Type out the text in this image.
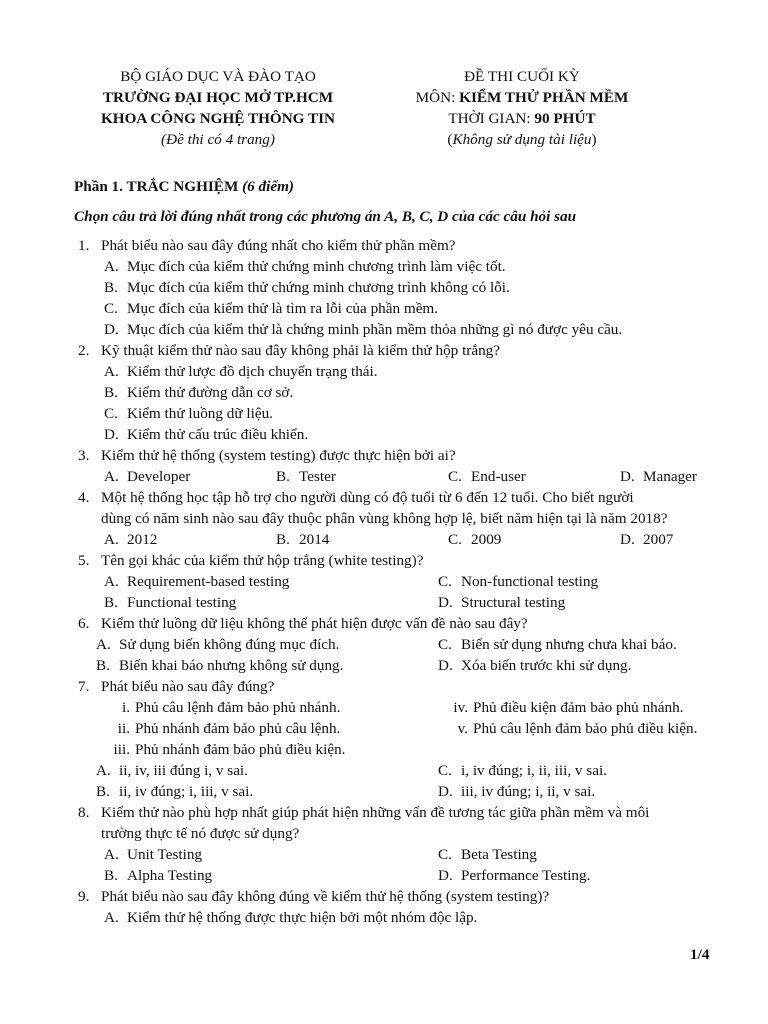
BỘ GIÁO DỤC VÀ ĐÀO TẠO
TRƯỜNG ĐẠI HỌC MỞ TP.HCM
KHOA CÔNG NGHỆ THÔNG TIN
(Đề thi có 4 trang)
ĐỀ THI CUỐI KỲ
MÔN: KIỂM THỬ PHẦN MỀM
THỜI GIAN: 90 PHÚT
(Không sử dụng tài liệu)
Phần 1. TRẮC NGHIỆM (6 điểm)
Chọn câu trả lời đúng nhất trong các phương án A, B, C, D của các câu hỏi sau
1. Phát biểu nào sau đây đúng nhất cho kiểm thử phần mềm?
A. Mục đích của kiểm thử chứng minh chương trình làm việc tốt.
B. Mục đích của kiểm thử chứng minh chương trình không có lỗi.
C. Mục đích của kiểm thử là tìm ra lỗi của phần mềm.
D. Mục đích của kiểm thử là chứng minh phần mềm thỏa những gì nó được yêu cầu.
2. Kỹ thuật kiểm thử nào sau đây không phải là kiểm thử hộp trắng?
A. Kiểm thử lược đồ dịch chuyển trạng thái.
B. Kiểm thử đường dẫn cơ sở.
C. Kiểm thử luồng dữ liệu.
D. Kiểm thử cấu trúc điều khiển.
3. Kiểm thử hệ thống (system testing) được thực hiện bởi ai?
A. Developer	B. Tester	C. End-user	D. Manager
4. Một hệ thống học tập hỗ trợ cho người dùng có độ tuổi từ 6 đến 12 tuổi. Cho biết người
dùng có năm sinh nào sau đây thuộc phân vùng không hợp lệ, biết năm hiện tại là năm 2018?
A. 2012	B. 2014	C. 2009	D. 2007
5. Tên gọi khác của kiểm thử hộp trắng (white testing)?
A. Requirement-based testing	C. Non-functional testing
B. Functional testing	D. Structural testing
6. Kiểm thử luồng dữ liệu không thể phát hiện được vấn đề nào sau đây?
A. Sử dụng biến không đúng mục đích.	C. Biến sử dụng nhưng chưa khai báo.
B. Biến khai báo nhưng không sử dụng.	D. Xóa biến trước khi sử dụng.
7. Phát biểu nào sau đây đúng?
i. Phủ câu lệnh đảm bảo phủ nhánh.	iv. Phủ điều kiện đảm bảo phủ nhánh.
ii. Phủ nhánh đảm bảo phủ câu lệnh.	v. Phủ câu lệnh đảm bảo phủ điều kiện.
iii. Phủ nhánh đảm bảo phủ điều kiện.
A. ii, iv, iii đúng i, v sai.	C. i, iv đúng; i, ii, iii, v sai.
B. ii, iv đúng; i, iii, v sai.	D. iii, iv đúng; i, ii, v sai.
8. Kiểm thử nào phù hợp nhất giúp phát hiện những vấn đề tương tác giữa phần mềm và môi
trường thực tế nó được sử dụng?
A. Unit Testing	C. Beta Testing
B. Alpha Testing	D. Performance Testing.
9. Phát biểu nào sau đây không đúng về kiểm thử hệ thống (system testing)?
A. Kiểm thử hệ thống được thực hiện bởi một nhóm độc lập.
1/4
